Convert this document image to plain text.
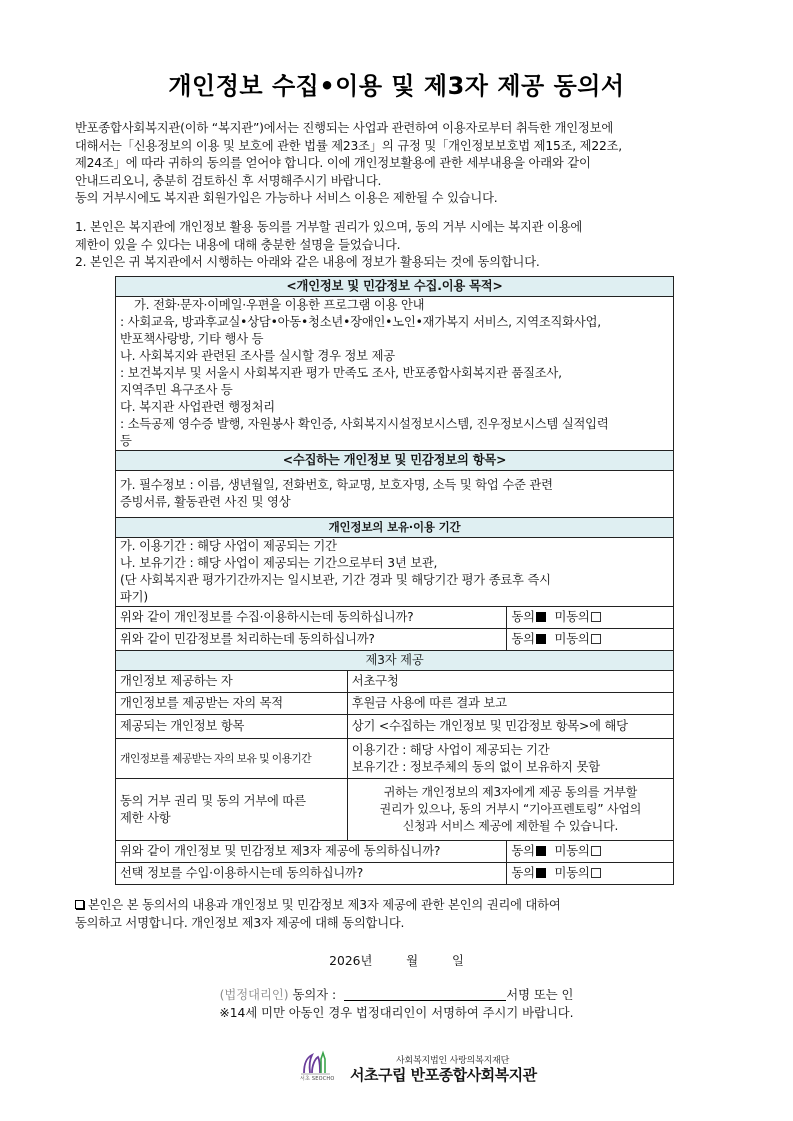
개인정보 수집•이용 및 제3자 제공 동의서

반포종합사회복지관(이하 “복지관”)에서는 진행되는 사업과 관련하여 이용자로부터 취득한 개인정보에

대해서는「신용정보의 이용 및 보호에 관한 법률 제23조」의 규정 및「개인정보보호법 제15조, 제22조,

제24조」에 따라 귀하의 동의를 얻어야 합니다. 이에 개인정보활용에 관한 세부내용을 아래와 같이

안내드리오니, 충분히 검토하신 후 서명해주시기 바랍니다.

동의 거부시에도 복지관 회원가입은 가능하나 서비스 이용은 제한될 수 있습니다.

1. 본인은 복지관에 개인정보 활용 동의를 거부할 권리가 있으며, 동의 거부 시에는 복지관 이용에

제한이 있을 수 있다는 내용에 대해 충분한 설명을 들었습니다.

2. 본인은 귀 복지관에서 시행하는 아래와 같은 내용에 정보가 활용되는 것에 동의합니다.

<개인정보 및 민감정보 수집.이용 목적>		

가. 전화·문자·이메일·우편을 이용한 프로그램 이용 안내

: 사회교육, 방과후교실•상담•아동•청소년•장애인•노인•재가복지 서비스, 지역조직화사업,

반포책사랑방, 기타 행사 등

나. 사회복지와 관련된 조사를 실시할 경우 정보 제공

: 보건복지부 및 서울시 사회복지관 평가 만족도 조사, 반포종합사회복지관 품질조사,

지역주민 욕구조사 등

다. 복지관 사업관련 행정처리

: 소득공제 영수증 발행, 자원봉사 확인증, 사회복지시설정보시스템, 진우정보시스템 실적입력

등

<수집하는 개인정보 및 민감정보의 항목>		

가. 필수정보 : 이름, 생년월일, 전화번호, 학교명, 보호자명, 소득 및 학업 수준 관련

증빙서류, 활동관련 사진 및 영상		

개인정보의 보유·이용 기간		

가. 이용기간 : 해당 사업이 제공되는 기간

나. 보유기간 : 해당 사업이 제공되는 기간으로부터 3년 보관,

(단 사회복지관 평가기간까지는 일시보관, 기간 경과 및 해당기간 평가 종료후 즉시

파기)		

위와 같이 개인정보를 수집·이용하시는데 동의하십니까?		동의 미동의
위와 같이 민감정보를 처리하는데 동의하십니까?		동의 미동의
제3자 제공		
개인정보 제공하는 자	서초구청	
개인정보를 제공받는 자의 목적	후원금 사용에 따른 결과 보고	
제공되는 개인정보 항목	상기 <수집하는 개인정보 및 민감정보 항목>에 해당	
개인정보를 제공받는 자의 보유 및 이용기간	이용기간 : 해당 사업이 제공되는 기간
보유기간 : 정보주체의 동의 없이 보유하지 못함	

동의 거부 권리 및 동의 거부에 따른
제한 사항

귀하는 개인정보의 제3자에게 제공 동의를 거부할
권리가 있으나, 동의 거부시 “기아프렌토링” 사업의
신청과 서비스 제공에 제한될 수 있습니다.

위와 같이 개인정보 및 민감정보 제3자 제공에 동의하십니까?		동의 미동의
선택 정보를 수입·이용하시는데 동의하십니까?		동의 미동의

본인은 본 동의서의 내용과 개인정보 및 민감정보 제3자 제공에 관한 본인의 권리에 대하여

동의하고 서명합니다. 개인정보 제3자 제공에 대해 동의합니다.

2026년	월	일
(법정대리인) 동의자 :	서명 또는 인
※14세 미만 아동인 경우 법정대리인이 서명하여 주시기 바랍니다.
서초 SEOCHO
사회복지법인 사랑의복지재단
서초구립 반포종합사회복지관
